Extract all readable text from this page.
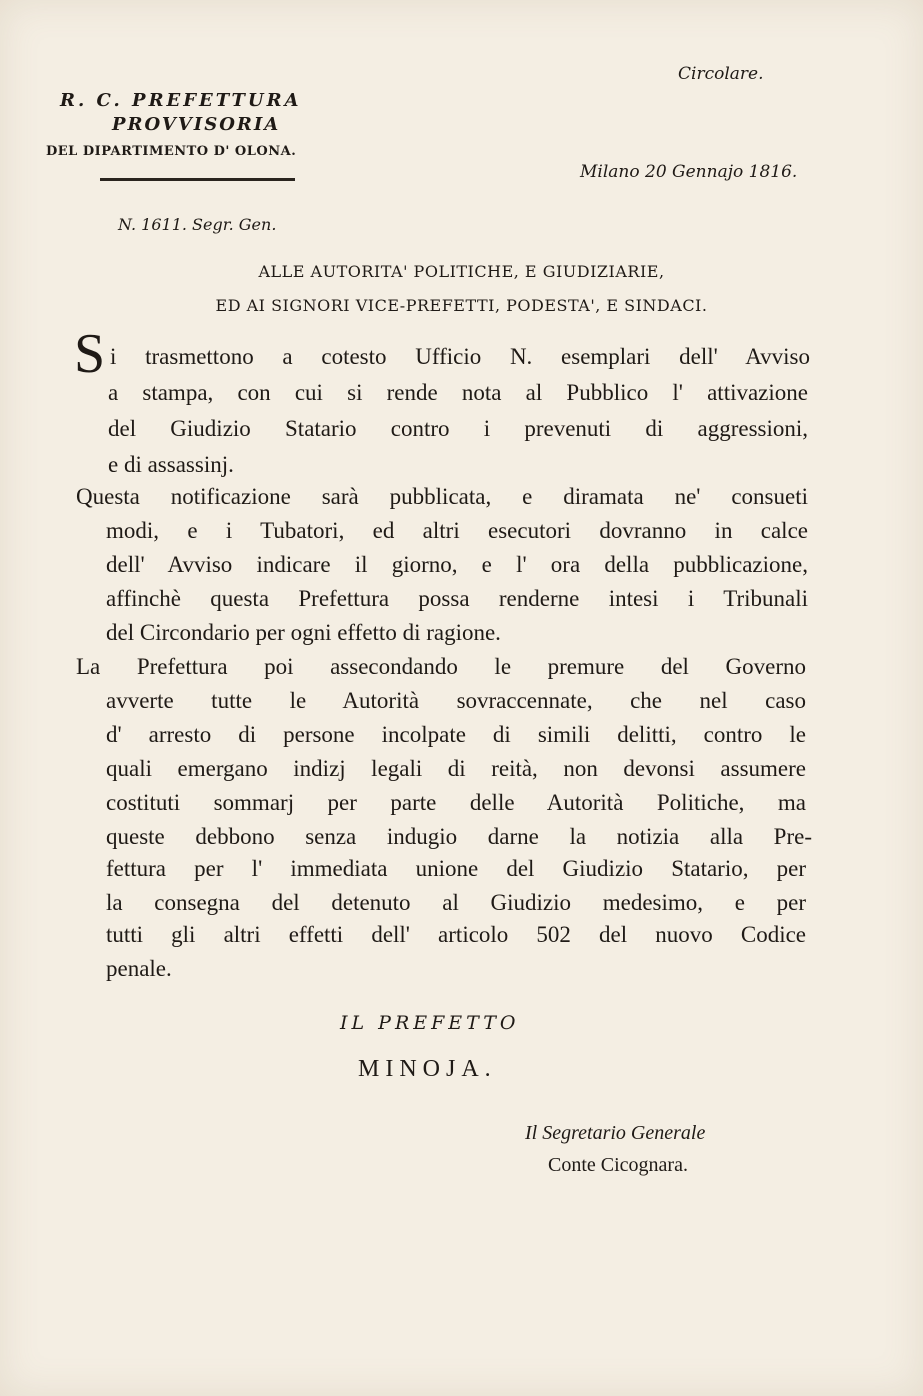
R. C. PREFETTURA
PROVVISORIA
DEL DIPARTIMENTO D' OLONA.
Circolare.
Milano 20 Gennajo 1816.
N. 1611. Segr. Gen.
ALLE AUTORITA' POLITICHE, E GIUDIZIARIE,
ED AI SIGNORI VICE-PREFETTI, PODESTA', E SINDACI.
S i trasmettono a cotesto Ufficio N. esemplari dell' Avviso
a stampa, con cui si rende nota al Pubblico l' attivazione
del Giudizio Statario contro i prevenuti di aggressioni,
e di assassinj.
Questa notificazione sarà pubblicata, e diramata ne' consueti
modi, e i Tubatori, ed altri esecutori dovranno in calce
dell' Avviso indicare il giorno, e l' ora della pubblicazione,
affinchè questa Prefettura possa renderne intesi i Tribunali
del Circondario per ogni effetto di ragione.
La Prefettura poi assecondando le premure del Governo
avverte tutte le Autorità sovraccennate, che nel caso
d' arresto di persone incolpate di simili delitti, contro le
quali emergano indizj legali di reità, non devonsi assumere
costituti sommarj per parte delle Autorità Politiche, ma
queste debbono senza indugio darne la notizia alla Pre-
fettura per l' immediata unione del Giudizio Statario, per
la consegna del detenuto al Giudizio medesimo, e per
tutti gli altri effetti dell' articolo 502 del nuovo Codice
penale.
IL PREFETTO
MINOJA.
Il Segretario Generale
Conte Cicognara.
